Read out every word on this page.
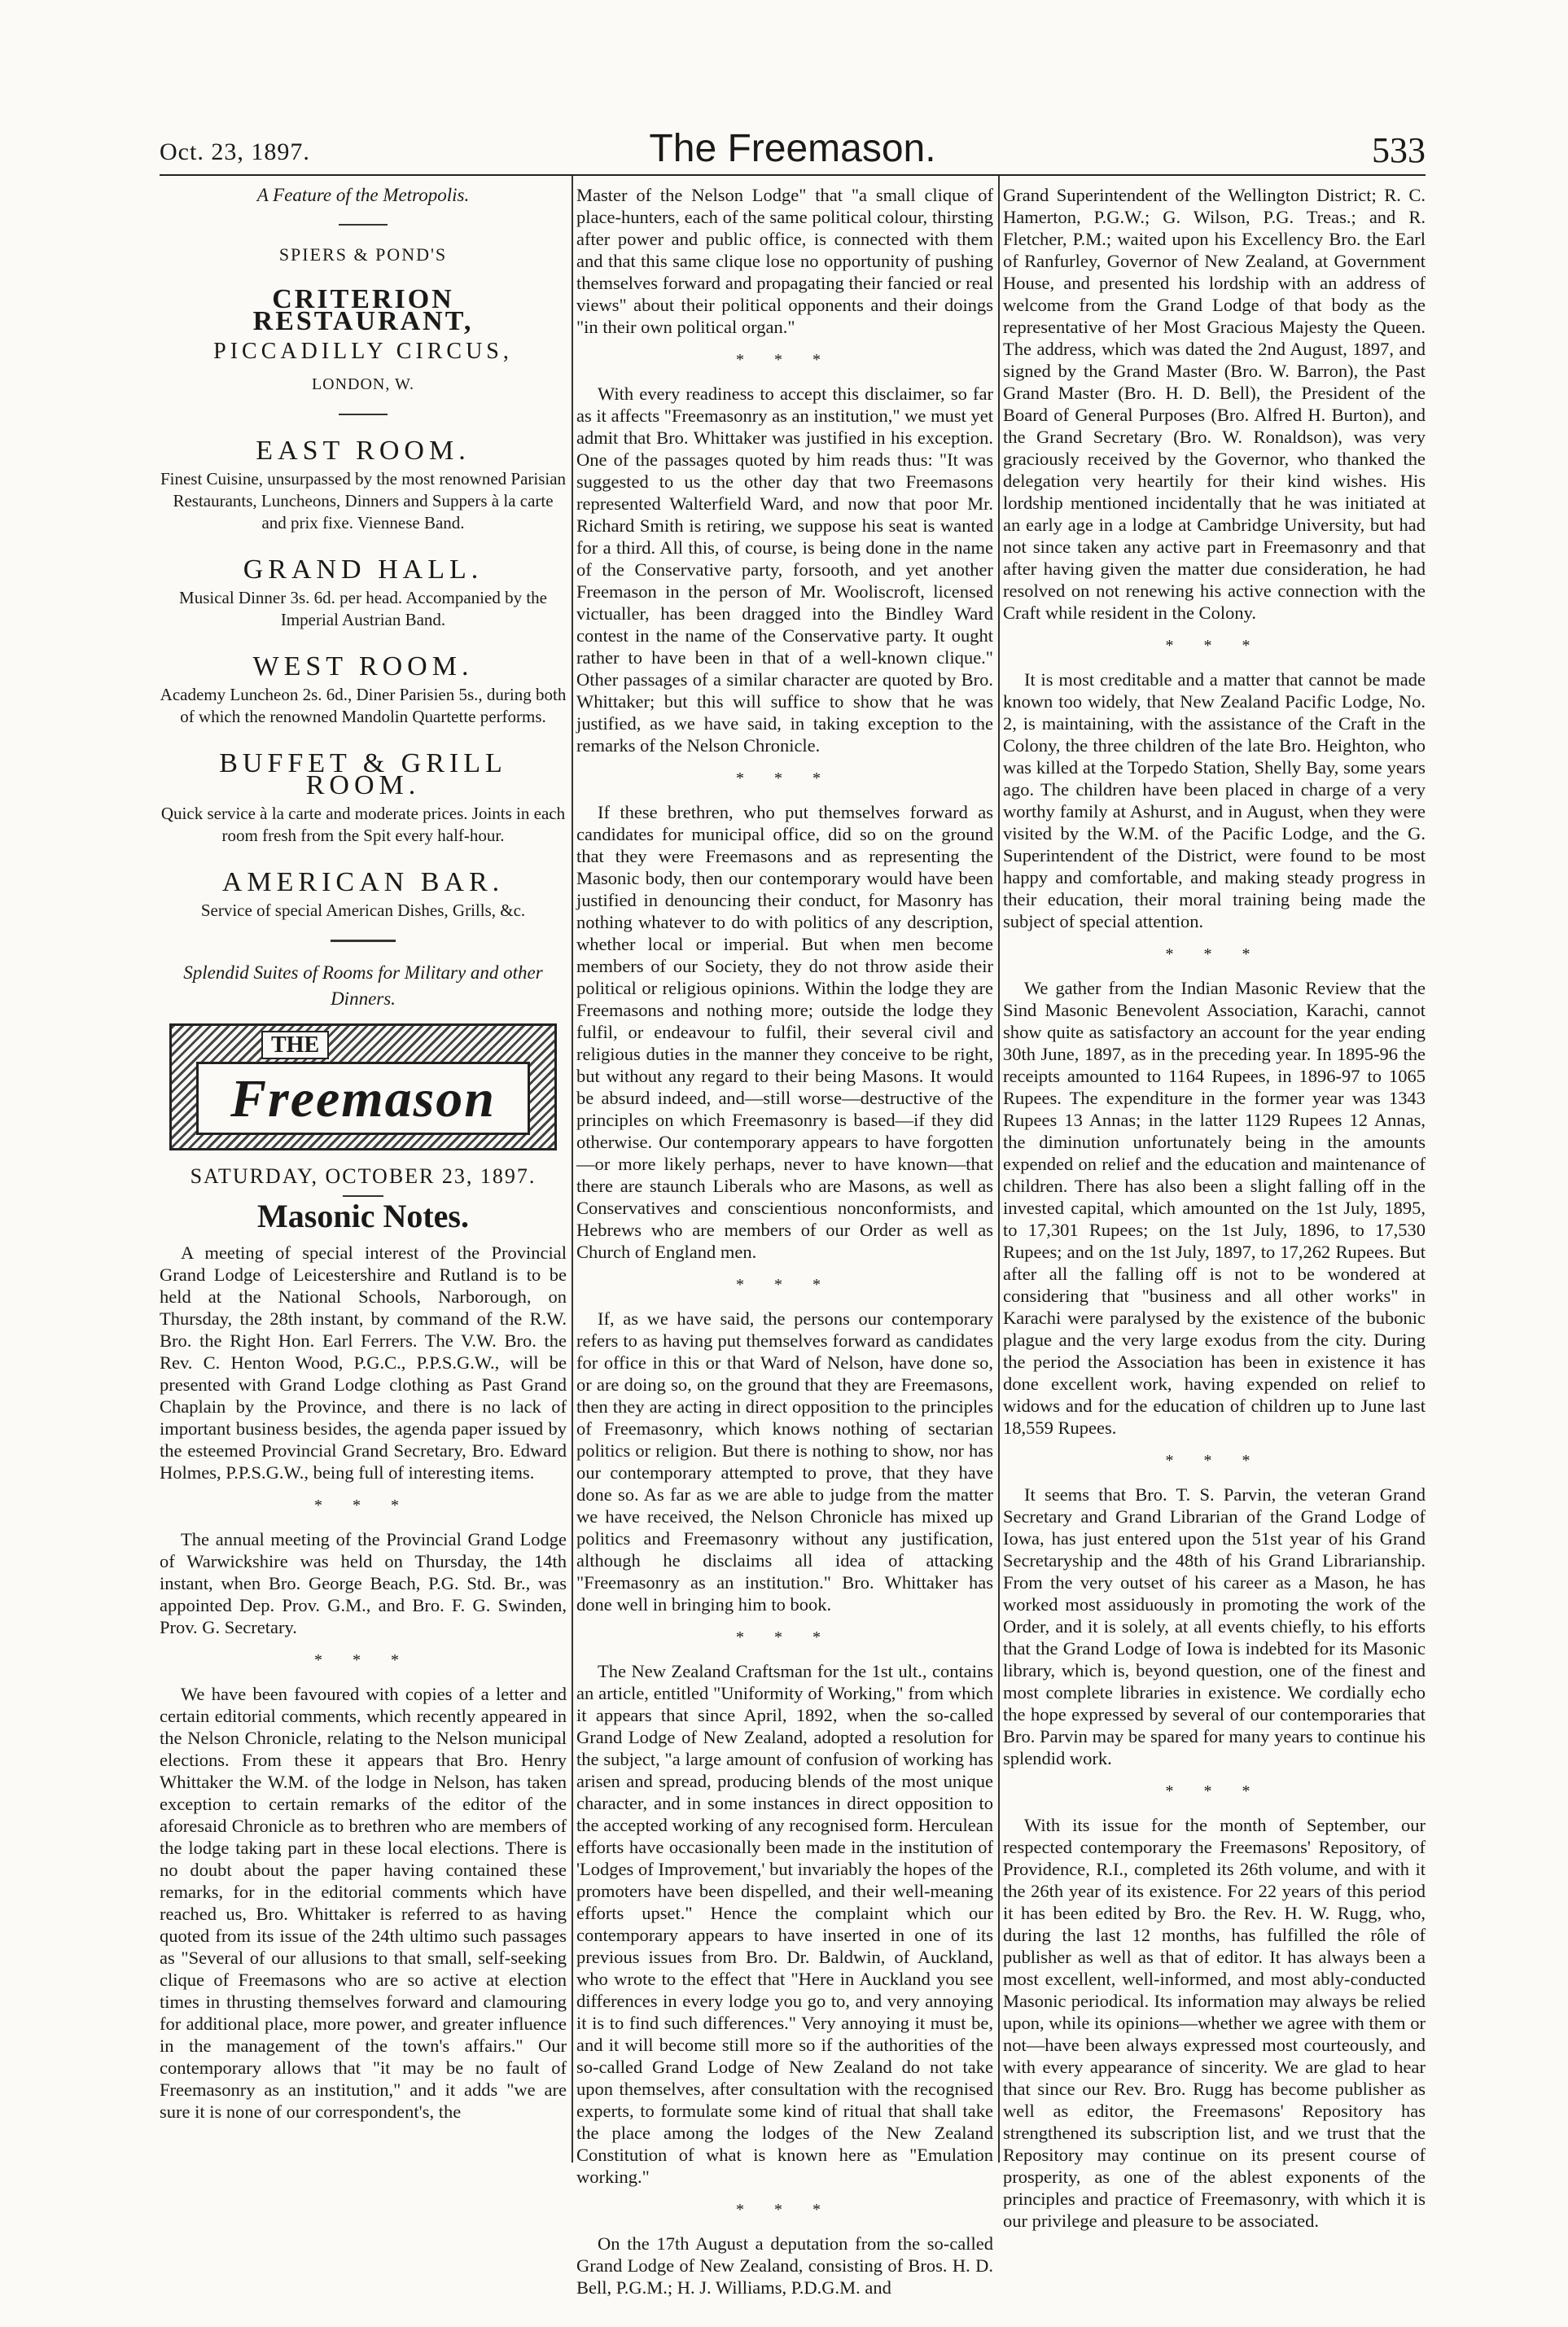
Oct. 23, 1897.	The Freemason.	533
A Feature of the Metropolis.
SPIERS & POND'S
CRITERION RESTAURANT,
PICCADILLY CIRCUS,
LONDON, W.
EAST ROOM.
Finest Cuisine, unsurpassed by the most renowned Parisian Restaurants, Luncheons, Dinners and Suppers à la carte and prix fixe. Viennese Band.
GRAND HALL.
Musical Dinner 3s. 6d. per head. Accompanied by the Imperial Austrian Band.
WEST ROOM.
Academy Luncheon 2s. 6d., Diner Parisien 5s., during both of which the renowned Mandolin Quartette performs.
BUFFET & GRILL ROOM.
Quick service à la carte and moderate prices. Joints in each room fresh from the Spit every half-hour.
AMERICAN BAR.
Service of special American Dishes, Grills, &c.
Splendid Suites of Rooms for Military and other Dinners.
THE
Freemason
SATURDAY, OCTOBER 23, 1897.
Masonic Notes.

A meeting of special interest of the Provincial Grand Lodge of Leicestershire and Rutland is to be held at the National Schools, Narborough, on Thursday, the 28th instant, by command of the R.W. Bro. the Right Hon. Earl Ferrers. The V.W. Bro. the Rev. C. Henton Wood, P.G.C., P.P.S.G.W., will be presented with Grand Lodge clothing as Past Grand Chaplain by the Province, and there is no lack of important business besides, the agenda paper issued by the esteemed Provincial Grand Secretary, Bro. Edward Holmes, P.P.S.G.W., being full of interesting items.

* * *

The annual meeting of the Provincial Grand Lodge of Warwickshire was held on Thursday, the 14th instant, when Bro. George Beach, P.G. Std. Br., was appointed Dep. Prov. G.M., and Bro. F. G. Swinden, Prov. G. Secretary.

* * *

We have been favoured with copies of a letter and certain editorial comments, which recently appeared in the Nelson Chronicle, relating to the Nelson municipal elections. From these it appears that Bro. Henry Whittaker the W.M. of the lodge in Nelson, has taken exception to certain remarks of the editor of the aforesaid Chronicle as to brethren who are members of the lodge taking part in these local elections. There is no doubt about the paper having contained these remarks, for in the editorial comments which have reached us, Bro. Whittaker is referred to as having quoted from its issue of the 24th ultimo such passages as "Several of our allusions to that small, self-seeking clique of Freemasons who are so active at election times in thrusting themselves forward and clamouring for additional place, more power, and greater influence in the management of the town's affairs." Our contemporary allows that "it may be no fault of Freemasonry as an institution," and it adds "we are sure it is none of our correspondent's, the

Master of the Nelson Lodge" that "a small clique of place-hunters, each of the same political colour, thirsting after power and public office, is connected with them and that this same clique lose no opportunity of pushing themselves forward and propagating their fancied or real views" about their political opponents and their doings "in their own political organ."

* * *

With every readiness to accept this disclaimer, so far as it affects "Freemasonry as an institution," we must yet admit that Bro. Whittaker was justified in his exception. One of the passages quoted by him reads thus: "It was suggested to us the other day that two Freemasons represented Walterfield Ward, and now that poor Mr. Richard Smith is retiring, we suppose his seat is wanted for a third. All this, of course, is being done in the name of the Conservative party, forsooth, and yet another Freemason in the person of Mr. Wooliscroft, licensed victualler, has been dragged into the Bindley Ward contest in the name of the Conservative party. It ought rather to have been in that of a well-known clique." Other passages of a similar character are quoted by Bro. Whittaker; but this will suffice to show that he was justified, as we have said, in taking exception to the remarks of the Nelson Chronicle.

* * *

If these brethren, who put themselves forward as candidates for municipal office, did so on the ground that they were Freemasons and as representing the Masonic body, then our contemporary would have been justified in denouncing their conduct, for Masonry has nothing whatever to do with politics of any description, whether local or imperial. But when men become members of our Society, they do not throw aside their political or religious opinions. Within the lodge they are Freemasons and nothing more; outside the lodge they fulfil, or endeavour to fulfil, their several civil and religious duties in the manner they conceive to be right, but without any regard to their being Masons. It would be absurd indeed, and—still worse—destructive of the principles on which Freemasonry is based—if they did otherwise. Our contemporary appears to have forgotten—or more likely perhaps, never to have known—that there are staunch Liberals who are Masons, as well as Conservatives and conscientious nonconformists, and Hebrews who are members of our Order as well as Church of England men.

* * *

If, as we have said, the persons our contemporary refers to as having put themselves forward as candidates for office in this or that Ward of Nelson, have done so, or are doing so, on the ground that they are Freemasons, then they are acting in direct opposition to the principles of Freemasonry, which knows nothing of sectarian politics or religion. But there is nothing to show, nor has our contemporary attempted to prove, that they have done so. As far as we are able to judge from the matter we have received, the Nelson Chronicle has mixed up politics and Freemasonry without any justification, although he disclaims all idea of attacking "Freemasonry as an institution." Bro. Whittaker has done well in bringing him to book.

* * *

The New Zealand Craftsman for the 1st ult., contains an article, entitled "Uniformity of Working," from which it appears that since April, 1892, when the so-called Grand Lodge of New Zealand, adopted a resolution for the subject, "a large amount of confusion of working has arisen and spread, producing blends of the most unique character, and in some instances in direct opposition to the accepted working of any recognised form. Herculean efforts have occasionally been made in the institution of 'Lodges of Improvement,' but invariably the hopes of the promoters have been dispelled, and their well-meaning efforts upset." Hence the complaint which our contemporary appears to have inserted in one of its previous issues from Bro. Dr. Baldwin, of Auckland, who wrote to the effect that "Here in Auckland you see differences in every lodge you go to, and very annoying it is to find such differences." Very annoying it must be, and it will become still more so if the authorities of the so-called Grand Lodge of New Zealand do not take upon themselves, after consultation with the recognised experts, to formulate some kind of ritual that shall take the place among the lodges of the New Zealand Constitution of what is known here as "Emulation working."

* * *

On the 17th August a deputation from the so-called Grand Lodge of New Zealand, consisting of Bros. H. D. Bell, P.G.M.; H. J. Williams, P.D.G.M. and

Grand Superintendent of the Wellington District; R. C. Hamerton, P.G.W.; G. Wilson, P.G. Treas.; and R. Fletcher, P.M.; waited upon his Excellency Bro. the Earl of Ranfurley, Governor of New Zealand, at Government House, and presented his lordship with an address of welcome from the Grand Lodge of that body as the representative of her Most Gracious Majesty the Queen. The address, which was dated the 2nd August, 1897, and signed by the Grand Master (Bro. W. Barron), the Past Grand Master (Bro. H. D. Bell), the President of the Board of General Purposes (Bro. Alfred H. Burton), and the Grand Secretary (Bro. W. Ronaldson), was very graciously received by the Governor, who thanked the delegation very heartily for their kind wishes. His lordship mentioned incidentally that he was initiated at an early age in a lodge at Cambridge University, but had not since taken any active part in Freemasonry and that after having given the matter due consideration, he had resolved on not renewing his active connection with the Craft while resident in the Colony.

* * *

It is most creditable and a matter that cannot be made known too widely, that New Zealand Pacific Lodge, No. 2, is maintaining, with the assistance of the Craft in the Colony, the three children of the late Bro. Heighton, who was killed at the Torpedo Station, Shelly Bay, some years ago. The children have been placed in charge of a very worthy family at Ashurst, and in August, when they were visited by the W.M. of the Pacific Lodge, and the G. Superintendent of the District, were found to be most happy and comfortable, and making steady progress in their education, their moral training being made the subject of special attention.

* * *

We gather from the Indian Masonic Review that the Sind Masonic Benevolent Association, Karachi, cannot show quite as satisfactory an account for the year ending 30th June, 1897, as in the preceding year. In 1895-96 the receipts amounted to 1164 Rupees, in 1896-97 to 1065 Rupees. The expenditure in the former year was 1343 Rupees 13 Annas; in the latter 1129 Rupees 12 Annas, the diminution unfortunately being in the amounts expended on relief and the education and maintenance of children. There has also been a slight falling off in the invested capital, which amounted on the 1st July, 1895, to 17,301 Rupees; on the 1st July, 1896, to 17,530 Rupees; and on the 1st July, 1897, to 17,262 Rupees. But after all the falling off is not to be wondered at considering that "business and all other works" in Karachi were paralysed by the existence of the bubonic plague and the very large exodus from the city. During the period the Association has been in existence it has done excellent work, having expended on relief to widows and for the education of children up to June last 18,559 Rupees.

* * *

It seems that Bro. T. S. Parvin, the veteran Grand Secretary and Grand Librarian of the Grand Lodge of Iowa, has just entered upon the 51st year of his Grand Secretaryship and the 48th of his Grand Librarianship. From the very outset of his career as a Mason, he has worked most assiduously in promoting the work of the Order, and it is solely, at all events chiefly, to his efforts that the Grand Lodge of Iowa is indebted for its Masonic library, which is, beyond question, one of the finest and most complete libraries in existence. We cordially echo the hope expressed by several of our contemporaries that Bro. Parvin may be spared for many years to continue his splendid work.

* * *

With its issue for the month of September, our respected contemporary the Freemasons' Repository, of Providence, R.I., completed its 26th volume, and with it the 26th year of its existence. For 22 years of this period it has been edited by Bro. the Rev. H. W. Rugg, who, during the last 12 months, has fulfilled the rôle of publisher as well as that of editor. It has always been a most excellent, well-informed, and most ably-conducted Masonic periodical. Its information may always be relied upon, while its opinions—whether we agree with them or not—have been always expressed most courteously, and with every appearance of sincerity. We are glad to hear that since our Rev. Bro. Rugg has become publisher as well as editor, the Freemasons' Repository has strengthened its subscription list, and we trust that the Repository may continue on its present course of prosperity, as one of the ablest exponents of the principles and practice of Freemasonry, with which it is our privilege and pleasure to be associated.
